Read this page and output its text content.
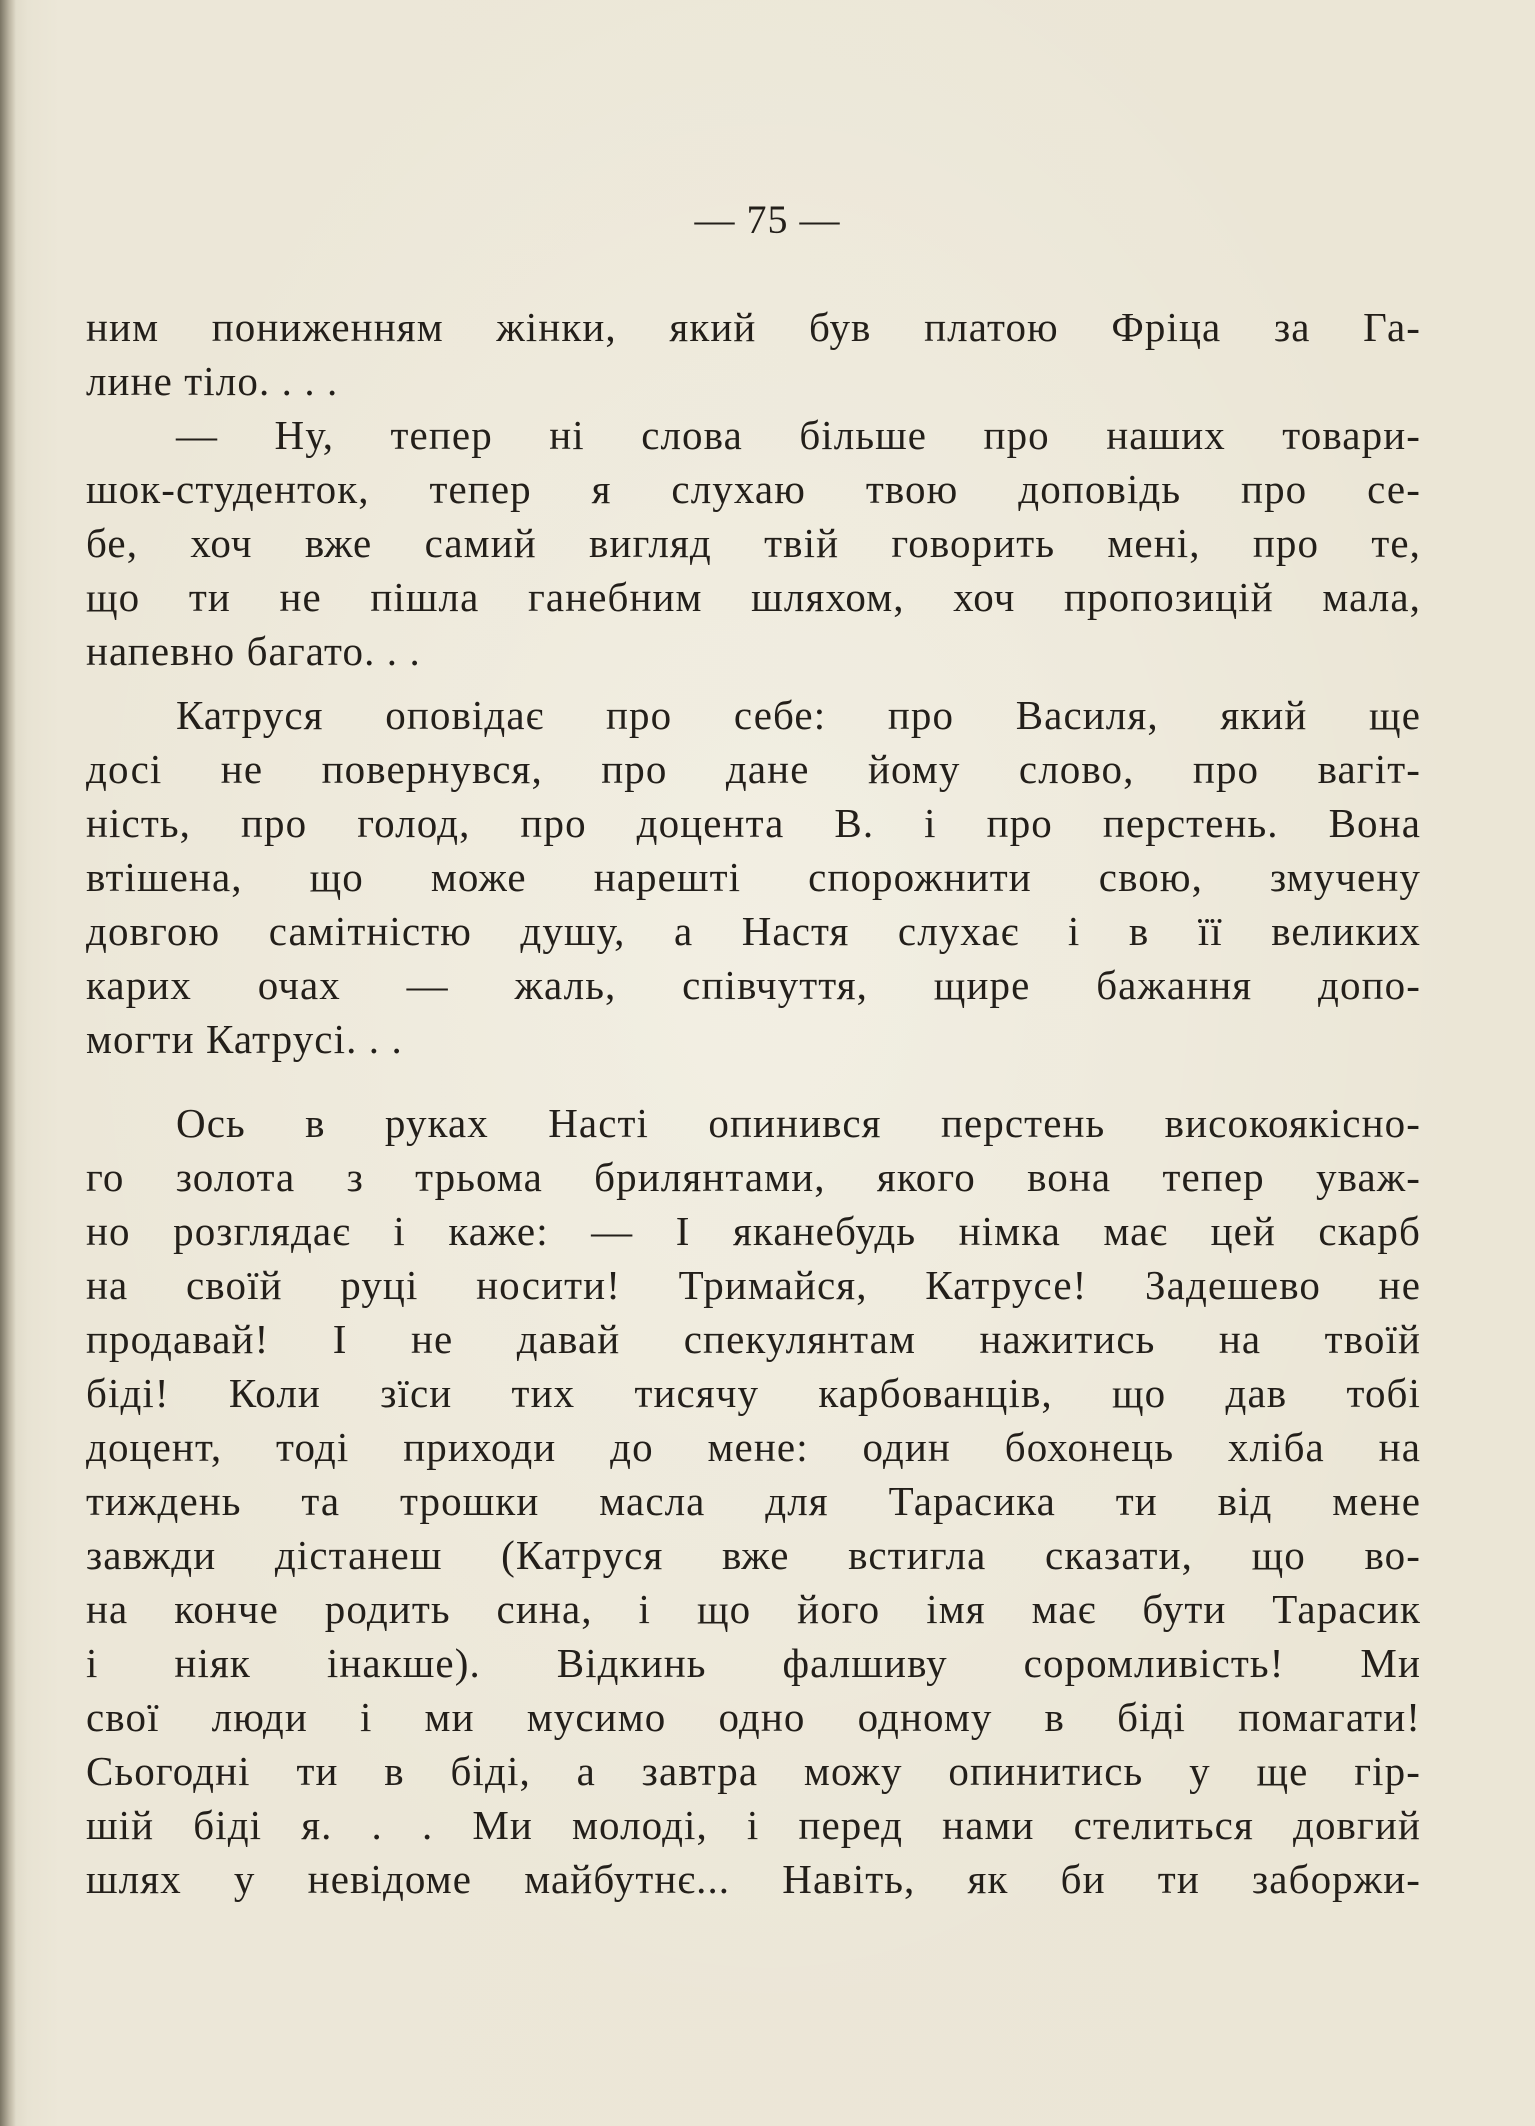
— 75 —
ним пониженням жінки, який був платою Фріца за Га-
лине тіло. . . .
— Ну, тепер ні слова більше про наших товари-
шок-студенток, тепер я слухаю твою доповідь про се-
бе, хоч вже самий вигляд твій говорить мені, про те,
що ти не пішла ганебним шляхом, хоч пропозицій мала,
напевно багато. . .
Катруся оповідає про себе: про Василя, який ще
досі не повернувся, про дане йому слово, про вагіт-
ність, про голод, про доцента В. і про перстень. Вона
втішена, що може нарешті спорожнити свою, змучену
довгою самітністю душу, а Настя слухає і в її великих
карих очах — жаль, співчуття, щире бажання допо-
могти Катрусі. . .
Ось в руках Насті опинився перстень високоякісно-
го золота з трьома брилянтами, якого вона тепер уваж-
но розглядає і каже: — І яканебудь німка має цей скарб
на своїй руці носити! Тримайся, Катрусе! Задешево не
продавай! І не давай спекулянтам нажитись на твоїй
біді! Коли зїси тих тисячу карбованців, що дав тобі
доцент, тоді приходи до мене: один бохонець хліба на
тиждень та трошки масла для Тарасика ти від мене
завжди дістанеш (Катруся вже встигла сказати, що во-
на конче родить сина, і що його імя має бути Тарасик
і ніяк інакше). Відкинь фалшиву соромливість! Ми
свої люди і ми мусимо одно одному в біді помагати!
Сьогодні ти в біді, а завтра можу опинитись у ще гір-
шій біді я. . . Ми молоді, і перед нами стелиться довгий
шлях у невідоме майбутнє... Навіть, як би ти заборжи-
